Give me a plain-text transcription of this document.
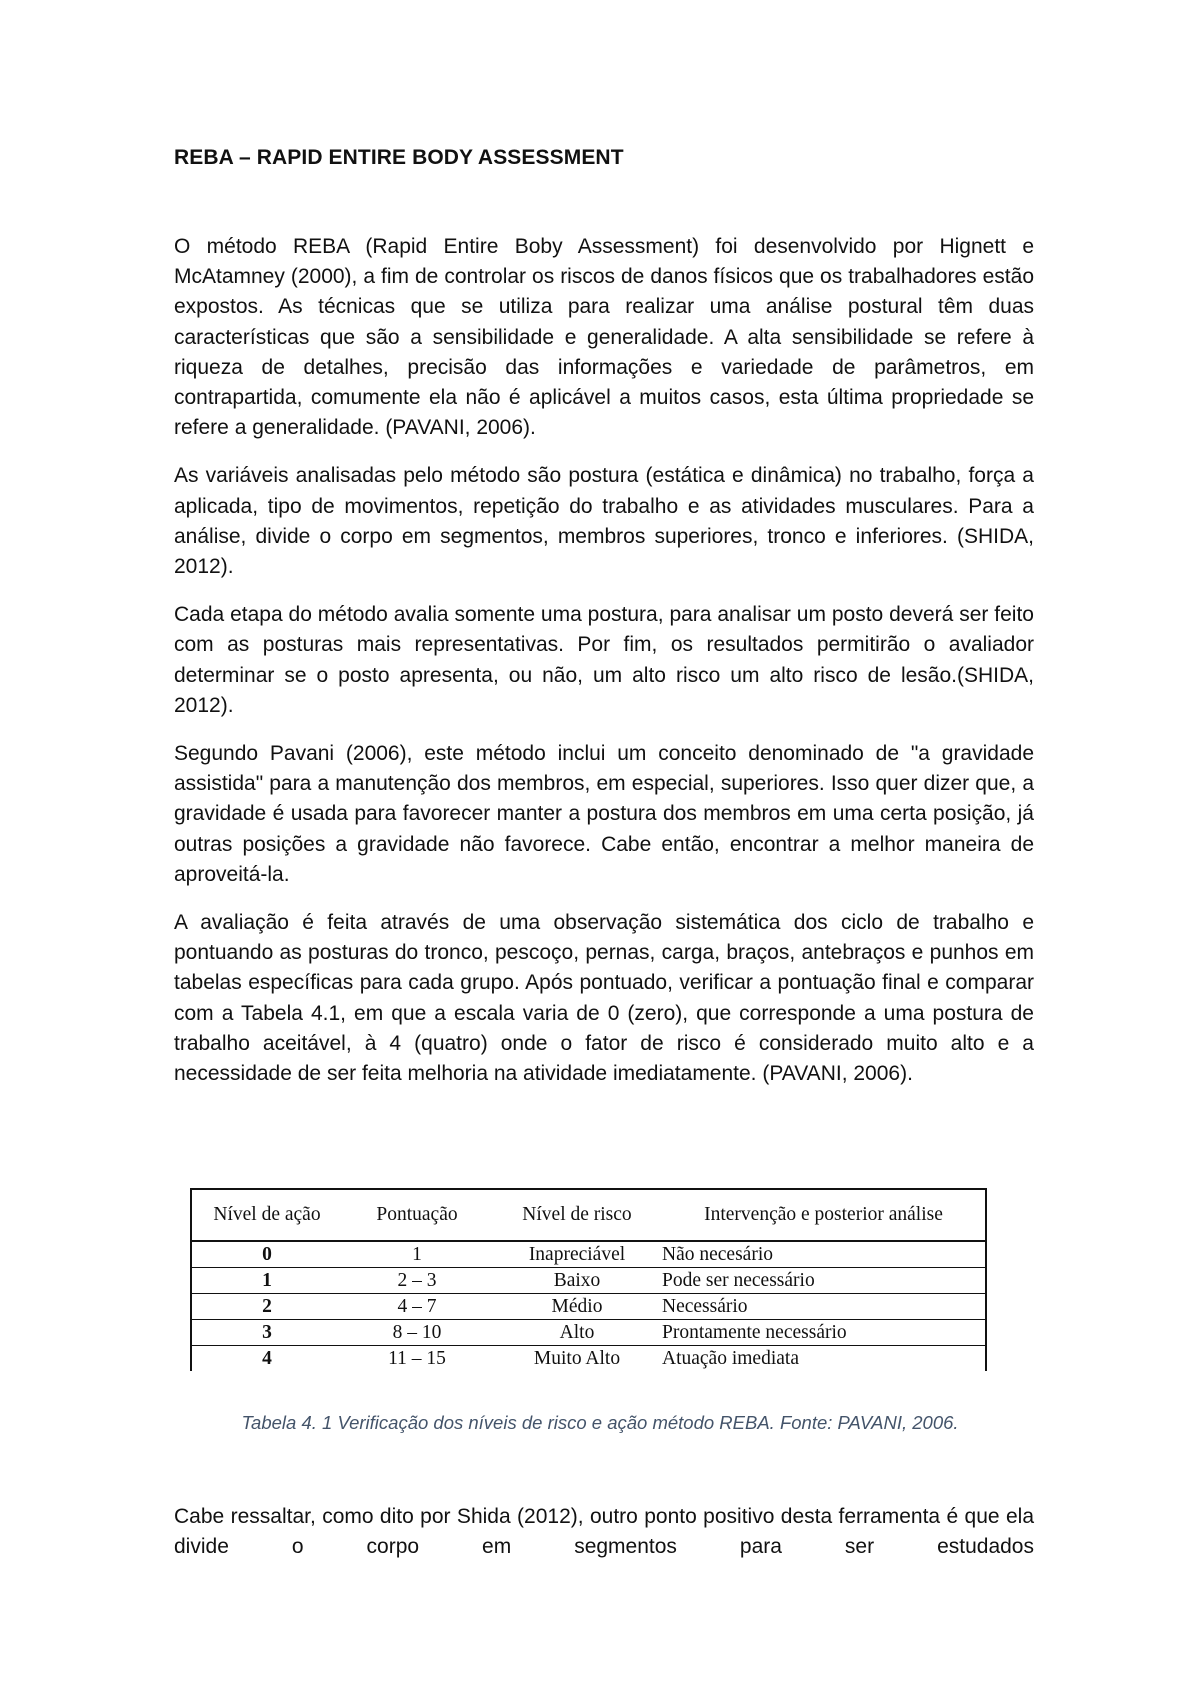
REBA – RAPID ENTIRE BODY ASSESSMENT

O método REBA (Rapid Entire Boby Assessment) foi desenvolvido por Hignett e McAtamney (2000), a fim de controlar os riscos de danos físicos que os trabalhadores estão expostos. As técnicas que se utiliza para realizar uma análise postural têm duas características que são a sensibilidade e generalidade. A alta sensibilidade se refere à riqueza de detalhes, precisão das informações e variedade de parâmetros, em contrapartida, comumente ela não é aplicável a muitos casos, esta última propriedade se refere a generalidade. (PAVANI, 2006).

As variáveis analisadas pelo método são postura (estática e dinâmica) no trabalho, força a aplicada, tipo de movimentos, repetição do trabalho e as atividades musculares. Para a análise, divide o corpo em segmentos, membros superiores, tronco e inferiores. (SHIDA, 2012).

Cada etapa do método avalia somente uma postura, para analisar um posto deverá ser feito com as posturas mais representativas. Por fim, os resultados permitirão o avaliador determinar se o posto apresenta, ou não, um alto risco um alto risco de lesão.(SHIDA, 2012).

Segundo Pavani (2006), este método inclui um conceito denominado de "a gravidade assistida" para a manutenção dos membros, em especial, superiores. Isso quer dizer que, a gravidade é usada para favorecer manter a postura dos membros em uma certa posição, já outras posições a gravidade não favorece. Cabe então, encontrar a melhor maneira de aproveitá-la.

A avaliação é feita através de uma observação sistemática dos ciclo de trabalho e pontuando as posturas do tronco, pescoço, pernas, carga, braços, antebraços e punhos em tabelas específicas para cada grupo. Após pontuado, verificar a pontuação final e comparar com a Tabela 4.1, em que a escala varia de 0 (zero), que corresponde a uma postura de trabalho aceitável, à 4 (quatro) onde o fator de risco é considerado muito alto e a necessidade de ser feita melhoria na atividade imediatamente. (PAVANI, 2006).

Nível de ação	Pontuação	Nível de risco	Intervenção e posterior análise
0	1	Inapreciável	Não necesário
1	2 – 3	Baixo	Pode ser necessário
2	4 – 7	Médio	Necessário
3	8 – 10	Alto	Prontamente necessário
4	11 – 15	Muito Alto	Atuação imediata

Tabela 4. 1 Verificação dos níveis de risco e ação método REBA. Fonte: PAVANI, 2006.

Cabe ressaltar, como dito por Shida (2012), outro ponto positivo desta ferramenta é que ela divide o corpo em segmentos para ser estudados
